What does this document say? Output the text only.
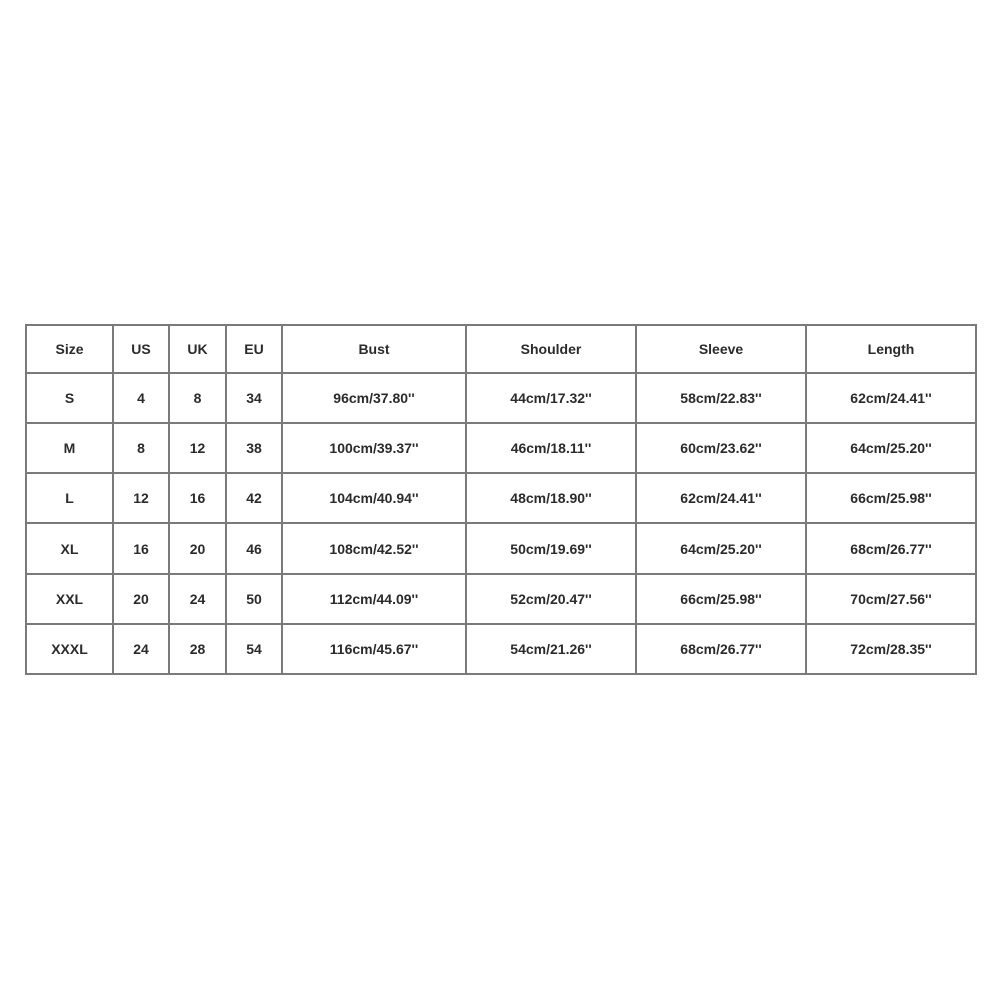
Size	US	UK	EU	Bust	Shoulder	Sleeve	Length
S	4	8	34	96cm/37.80''	44cm/17.32''	58cm/22.83''	62cm/24.41''
M	8	12	38	100cm/39.37''	46cm/18.11''	60cm/23.62''	64cm/25.20''
L	12	16	42	104cm/40.94''	48cm/18.90''	62cm/24.41''	66cm/25.98''
XL	16	20	46	108cm/42.52''	50cm/19.69''	64cm/25.20''	68cm/26.77''
XXL	20	24	50	112cm/44.09''	52cm/20.47''	66cm/25.98''	70cm/27.56''
XXXL	24	28	54	116cm/45.67''	54cm/21.26''	68cm/26.77''	72cm/28.35''
